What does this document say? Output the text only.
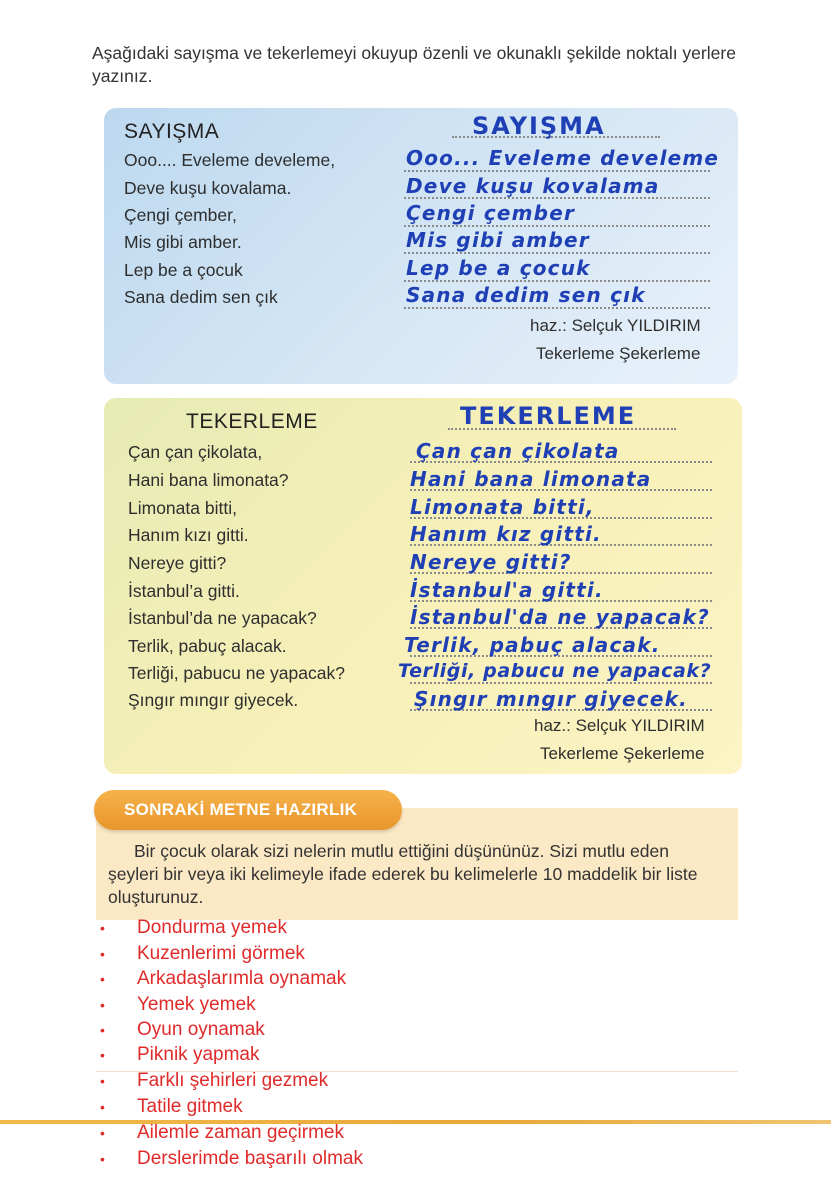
Aşağıdaki sayışma ve tekerlemeyi okuyup özenli ve okunaklı şekilde noktalı yerlere yazınız.
SAYIŞMA	SAYIŞMA
Ooo.... Eveleme develeme,
Deve kuşu kovalama.
Çengi çember,
Mis gibi amber.
Lep be a çocuk
Sana dedim sen çık
Ooo... Eveleme develeme
Deve kuşu kovalama
Çengi çember
Mis gibi amber
Lep be a çocuk
Sana dedim sen çık
haz.: Selçuk YILDIRIM
Tekerleme Şekerleme
TEKERLEME	TEKERLEME
Çan çan çikolata,
Hani bana limonata?
Limonata bitti,
Hanım kızı gitti.
Nereye gitti?
İstanbul’a gitti.
İstanbul’da ne yapacak?
Terlik, pabuç alacak.
Terliği, pabucu ne yapacak?
Şıngır mıngır giyecek.
Çan çan çikolata
Hani bana limonata
Limonata bitti,
Hanım kız gitti.
Nereye gitti?
İstanbul'a gitti.
İstanbul'da ne yapacak?
Terlik, pabuç alacak.
Terliği, pabucu ne yapacak?
Şıngır mıngır giyecek.
haz.: Selçuk YILDIRIM
Tekerleme Şekerleme
SONRAKİ METNE HAZIRLIK
Bir çocuk olarak sizi nelerin mutlu ettiğini düşününüz. Sizi mutlu eden şeyleri bir veya iki kelimeyle ifade ederek bu kelimelerle 10 maddelik bir liste oluşturunuz.
• Dondurma yemek
• Kuzenlerimi görmek
• Arkadaşlarımla oynamak
• Yemek yemek
• Oyun oynamak
• Piknik yapmak
• Farklı şehirleri gezmek
• Tatile gitmek
• Ailemle zaman geçirmek
• Derslerimde başarılı olmak
